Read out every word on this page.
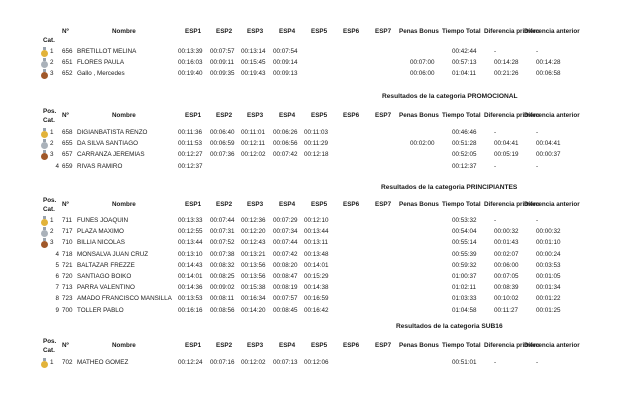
Nº	Nombre	ESP1 ESP2 ESP3	ESP4	ESP5	ESP6	ESP7 Penas Bonus Tiempo Total Diferencia primero
Diferencia anterior
Cat.
1 656 BRETILLOT MELINA	00:13:39 00:07:57 00:13:14 00:07:54	00:42:44	-	-
2 651 FLORES PAULA	00:16:03 00:09:11 00:15:45 00:09:14	00:07:00	00:57:13	00:14:28	00:14:28
3 652 Gallo , Mercedes	00:19:40 00:09:35 00:19:43 00:09:13	00:06:00	01:04:11	00:21:26	00:06:58
Resultados de la categoria PROMOCIONAL
Pos.
Cat.
Nº	Nombre	ESP1 ESP2 ESP3	ESP4	ESP5	ESP6	ESP7 Penas Bonus Tiempo Total Diferencia primero
Diferencia anterior
1 658 DIGIANBATISTA RENZO	00:11:36 00:06:40 00:11:01 00:06:26 00:11:03	00:46:46	-	-
2 655 DA SILVA SANTIAGO	00:11:53 00:06:59 00:12:11 00:06:56 00:11:29	00:02:00	00:51:28	00:04:41	00:04:41
3 657 CARRANZA JEREMIAS	00:12:27 00:07:36 00:12:02 00:07:42 00:12:18	00:52:05	00:05:19	00:00:37
4 659 RIVAS RAMIRO	00:12:37	00:12:37	-	-
Resultados de la categoria PRINCIPIANTES
Pos.
Cat.
Nº	Nombre	ESP1 ESP2 ESP3	ESP4	ESP5	ESP6	ESP7 Penas Bonus Tiempo Total Diferencia primero
Diferencia anterior
1 711 FUNES JOAQUIN	00:13:33 00:07:44 00:12:36 00:07:29 00:12:10	00:53:32	-	-
2 717 PLAZA MAXIMO	00:12:55 00:07:31 00:12:20 00:07:34 00:13:44	00:54:04	00:00:32	00:00:32
3 710 BILLIA NICOLAS	00:13:44 00:07:52 00:12:43 00:07:44 00:13:11	00:55:14	00:01:43	00:01:10
4 718 MONSALVA JUAN CRUZ	00:13:10 00:07:38 00:13:21 00:07:42 00:13:48	00:55:39	00:02:07	00:00:24
5 721 BALTAZAR FREZZE	00:14:43 00:08:32 00:13:56 00:08:20 00:14:01	00:59:32	00:06:00	00:03:53
6 720 SANTIAGO BOIKO	00:14:01 00:08:25 00:13:56 00:08:47 00:15:29	01:00:37	00:07:05	00:01:05
7 713 PARRA VALENTINO	00:14:36 00:09:02 00:15:38 00:08:19 00:14:38	01:02:11	00:08:39	00:01:34
8 723 AMADO FRANCISCO MANSILLA 00:13:53 00:08:11 00:16:34 00:07:57 00:16:59	01:03:33	00:10:02	00:01:22
9 700 TOLLER PABLO	00:16:16 00:08:56 00:14:20 00:08:45 00:16:42	01:04:58	00:11:27	00:01:25
Resultados de la categoria SUB16
Pos.
Cat.
Nº	Nombre	ESP1 ESP2 ESP3	ESP4	ESP5	ESP6	ESP7 Penas Bonus Tiempo Total Diferencia primero
Diferencia anterior
1 702 MATHEO GOMEZ	00:12:24 00:07:16 00:12:02 00:07:13 00:12:06	00:51:01	-	-
